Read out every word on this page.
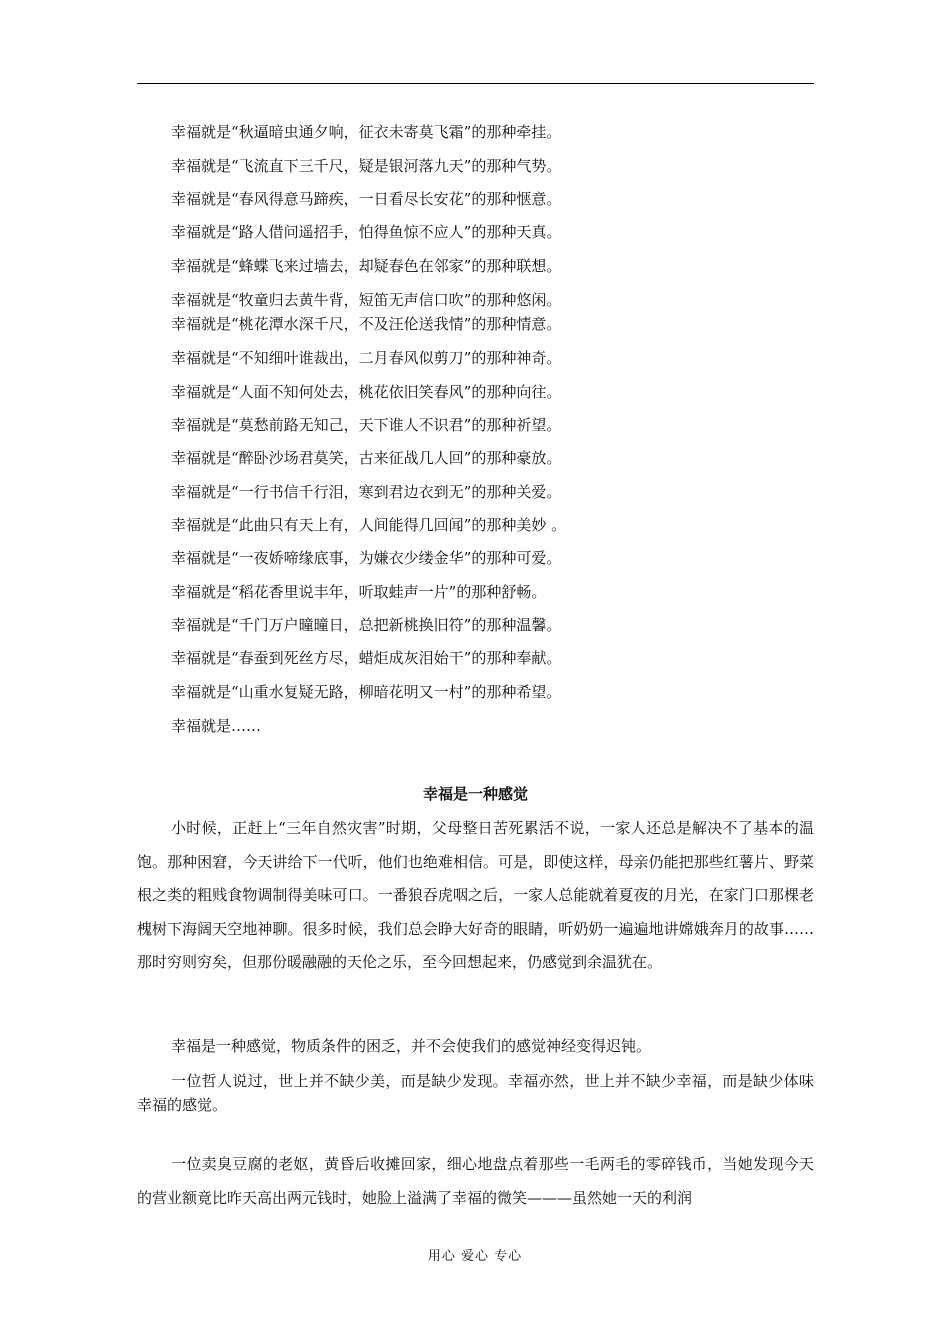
幸福就是“秋逼暗虫通夕响，征衣未寄莫飞霜”的那种牵挂。
幸福就是“飞流直下三千尺，疑是银河落九天”的那种气势。
幸福就是“春风得意马蹄疾，一日看尽长安花”的那种惬意。
幸福就是“路人借问遥招手，怕得鱼惊不应人”的那种天真。
幸福就是“蜂蝶飞来过墙去，却疑春色在邻家”的那种联想。
幸福就是“牧童归去黄牛背，短笛无声信口吹”的那种悠闲。
幸福就是“桃花潭水深千尺，不及汪伦送我情”的那种情意。
幸福就是“不知细叶谁裁出，二月春风似剪刀”的那种神奇。
幸福就是“人面不知何处去，桃花依旧笑春风”的那种向往。
幸福就是“莫愁前路无知己，天下谁人不识君”的那种祈望。
幸福就是“醉卧沙场君莫笑，古来征战几人回”的那种豪放。
幸福就是“一行书信千行泪，寒到君边衣到无”的那种关爱。
幸福就是“此曲只有天上有，人间能得几回闻”的那种美妙 。
幸福就是“一夜娇啼缘底事，为嫌衣少缕金华”的那种可爱。
幸福就是“稻花香里说丰年，听取蛙声一片”的那种舒畅。
幸福就是“千门万户曈曈日，总把新桃换旧符”的那种温馨。
幸福就是“春蚕到死丝方尽，蜡炬成灰泪始干”的那种奉献。
幸福就是“山重水复疑无路，柳暗花明又一村”的那种希望。
幸福就是……
幸福是一种感觉

小时候，正赶上“三年自然灾害”时期，父母整日苦死累活不说，一家人还总是解决不了基本的温饱。那种困窘，今天讲给下一代听，他们也绝难相信。可是，即使这样，母亲仍能把那些红薯片、野菜根之类的粗贱食物调制得美味可口。一番狼吞虎咽之后，一家人总能就着夏夜的月光，在家门口那棵老槐树下海阔天空地神聊。很多时候，我们总会睁大好奇的眼睛，听奶奶一遍遍地讲嫦娥奔月的故事……那时穷则穷矣，但那份暖融融的天伦之乐，至今回想起来，仍感觉到余温犹在。

幸福是一种感觉，物质条件的困乏，并不会使我们的感觉神经变得迟钝。

一位哲人说过，世上并不缺少美，而是缺少发现。幸福亦然，世上并不缺少幸福，而是缺少体味幸福的感觉。

一位卖臭豆腐的老妪，黄昏后收摊回家，细心地盘点着那些一毛两毛的零碎钱币，当她发现今天的营业额竟比昨天高出两元钱时，她脸上溢满了幸福的微笑———虽然她一天的利润

用心 爱心 专心
